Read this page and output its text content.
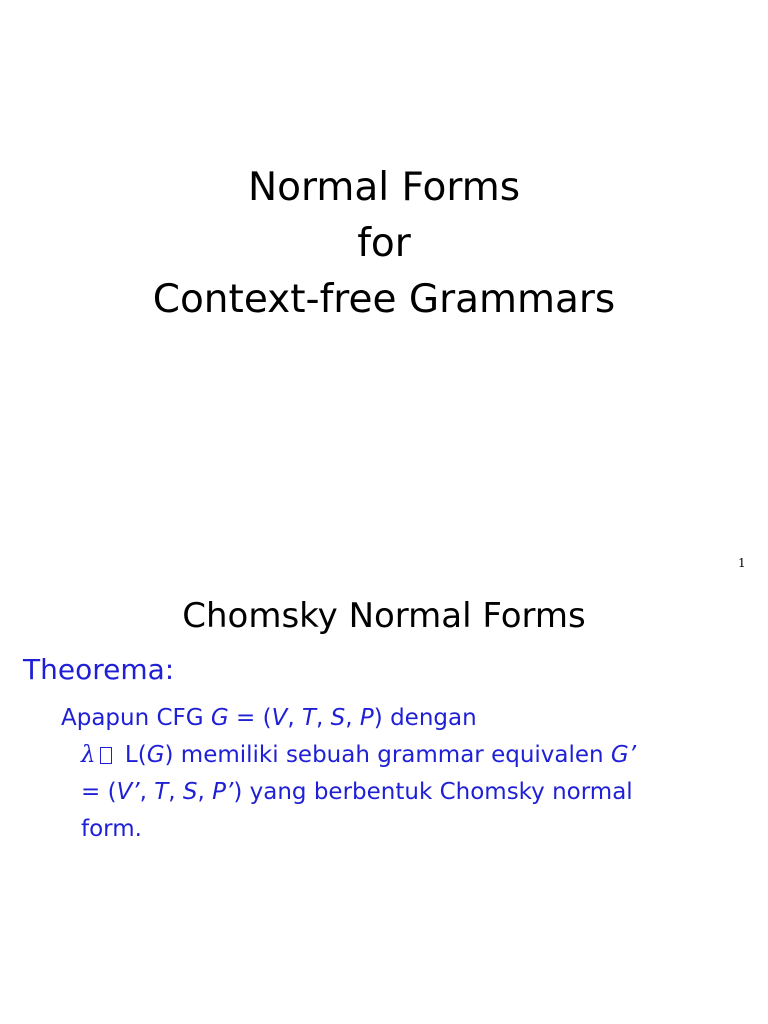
Normal Forms
for
Context-free Grammars
1
Chomsky Normal Forms
Theorema:
Apapun CFG G = (V, T, S, P) dengan
λ L(G) memiliki sebuah grammar equivalen G’
= (V’, T, S, P’) yang berbentuk Chomsky normal
form.
